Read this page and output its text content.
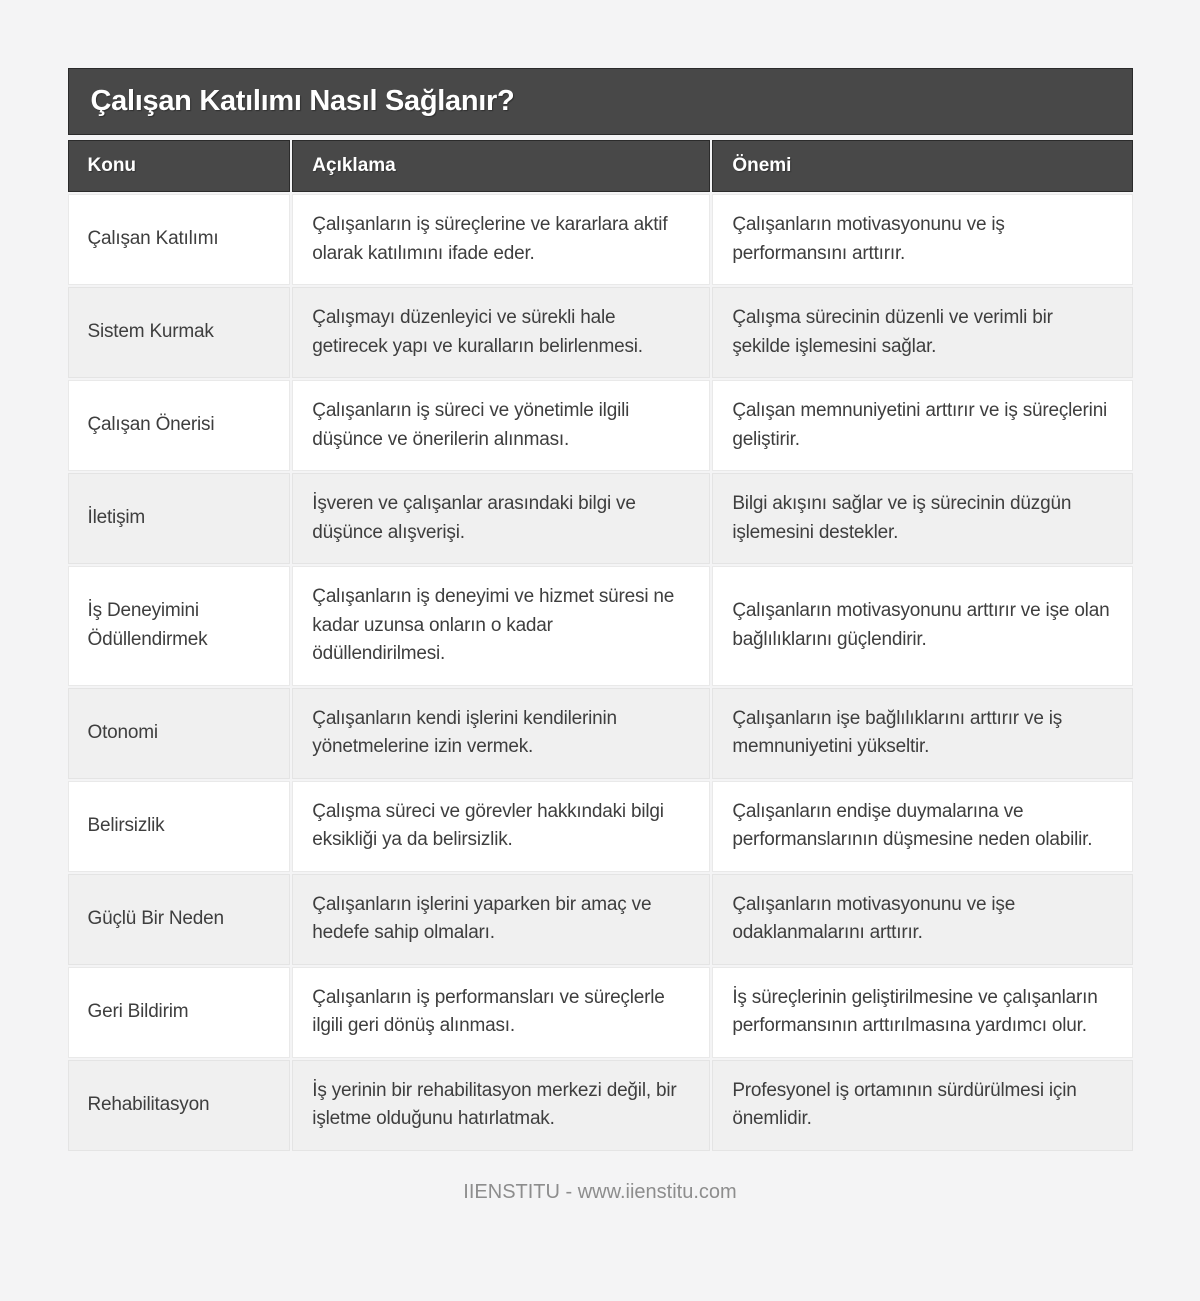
Çalışan Katılımı Nasıl Sağlanır?
Konu	Açıklama	Önemi
Çalışan Katılımı	Çalışanların iş süreçlerine ve kararlara aktif olarak katılımını ifade eder.	Çalışanların motivasyonunu ve iş performansını arttırır.
Sistem Kurmak	Çalışmayı düzenleyici ve sürekli hale getirecek yapı ve kuralların belirlenmesi.	Çalışma sürecinin düzenli ve verimli bir şekilde işlemesini sağlar.
Çalışan Önerisi	Çalışanların iş süreci ve yönetimle ilgili düşünce ve önerilerin alınması.	Çalışan memnuniyetini arttırır ve iş süreçlerini geliştirir.
İletişim	İşveren ve çalışanlar arasındaki bilgi ve düşünce alışverişi.	Bilgi akışını sağlar ve iş sürecinin düzgün işlemesini destekler.
İş Deneyimini Ödüllendirmek	Çalışanların iş deneyimi ve hizmet süresi ne kadar uzunsa onların o kadar ödüllendirilmesi.	Çalışanların motivasyonunu arttırır ve işe olan bağlılıklarını güçlendirir.
Otonomi	Çalışanların kendi işlerini kendilerinin yönetmelerine izin vermek.	Çalışanların işe bağlılıklarını arttırır ve iş memnuniyetini yükseltir.
Belirsizlik	Çalışma süreci ve görevler hakkındaki bilgi eksikliği ya da belirsizlik.	Çalışanların endişe duymalarına ve performanslarının düşmesine neden olabilir.
Güçlü Bir Neden	Çalışanların işlerini yaparken bir amaç ve hedefe sahip olmaları.	Çalışanların motivasyonunu ve işe odaklanmalarını arttırır.
Geri Bildirim	Çalışanların iş performansları ve süreçlerle ilgili geri dönüş alınması.	İş süreçlerinin geliştirilmesine ve çalışanların performansının arttırılmasına yardımcı olur.
Rehabilitasyon	İş yerinin bir rehabilitasyon merkezi değil, bir işletme olduğunu hatırlatmak.	Profesyonel iş ortamının sürdürülmesi için önemlidir.
IIENSTITU - www.iienstitu.com
